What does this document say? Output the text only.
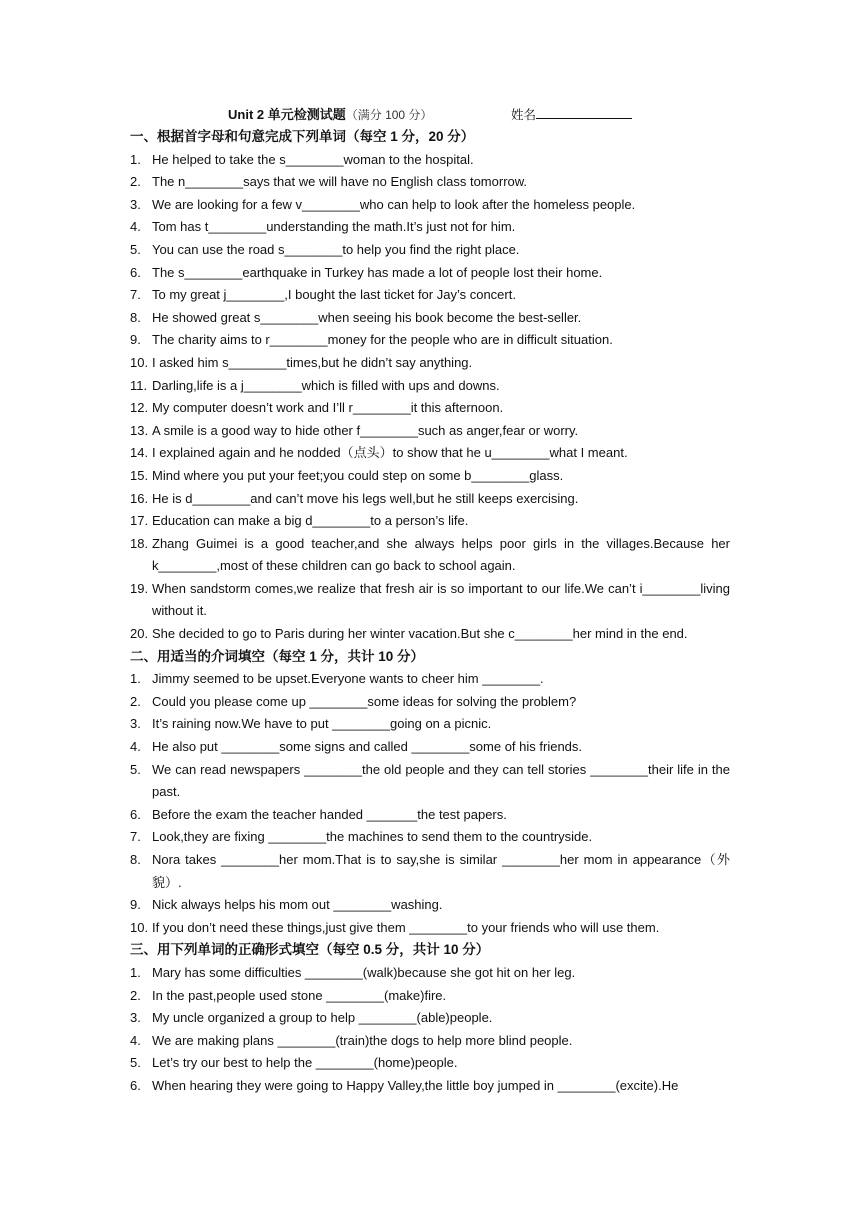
Unit 2 单元检测试题（满分 100 分）	姓名
一、根据首字母和句意完成下列单词（每空 1 分，20 分）
1. He helped to take the s________woman to the hospital.
2. The n________says that we will have no English class tomorrow.
3. We are looking for a few v________who can help to look after the homeless people.
4. Tom has t________understanding the math.It’s just not for him.
5. You can use the road s________to help you find the right place.
6. The s________earthquake in Turkey has made a lot of people lost their home.
7. To my great j________,I bought the last ticket for Jay’s concert.
8. He showed great s________when seeing his book become the best-seller.
9. The charity aims to r________money for the people who are in difficult situation.
10. I asked him s________times,but he didn’t say anything.
11. Darling,life is a j________which is filled with ups and downs.
12. My computer doesn’t work and I’ll r________it this afternoon.
13. A smile is a good way to hide other f________such as anger,fear or worry.
14. I explained again and he nodded（点头）to show that he u________what I meant.
15. Mind where you put your feet;you could step on some b________glass.
16. He is d________and can’t move his legs well,but he still keeps exercising.
17. Education can make a big d________to a person’s life.
18. Zhang Guimei is a good teacher,and she always helps poor girls in the villages.Because her k________,most of these children can go back to school again.
19. When sandstorm comes,we realize that fresh air is so important to our life.We can’t i________living without it.
20. She decided to go to Paris during her winter vacation.But she c________her mind in the end.
二、用适当的介词填空（每空 1 分，共计 10 分）
1. Jimmy seemed to be upset.Everyone wants to cheer him ________.
2. Could you please come up ________some ideas for solving the problem?
3. It’s raining now.We have to put ________going on a picnic.
4. He also put ________some signs and called ________some of his friends.
5. We can read newspapers ________the old people and they can tell stories ________their life in the past.
6. Before the exam the teacher handed _______the test papers.
7. Look,they are fixing ________the machines to send them to the countryside.
8. Nora takes ________her mom.That is to say,she is similar ________her mom in appearance（外貌）.
9. Nick always helps his mom out ________washing.
10. If you don’t need these things,just give them ________to your friends who will use them.
三、用下列单词的正确形式填空（每空 0.5 分，共计 10 分）
1. Mary has some difficulties ________(walk)because she got hit on her leg.
2. In the past,people used stone ________(make)fire.
3. My uncle organized a group to help ________(able)people.
4. We are making plans ________(train)the dogs to help more blind people.
5. Let’s try our best to help the ________(home)people.
6. When hearing they were going to Happy Valley,the little boy jumped in ________(excite).He
